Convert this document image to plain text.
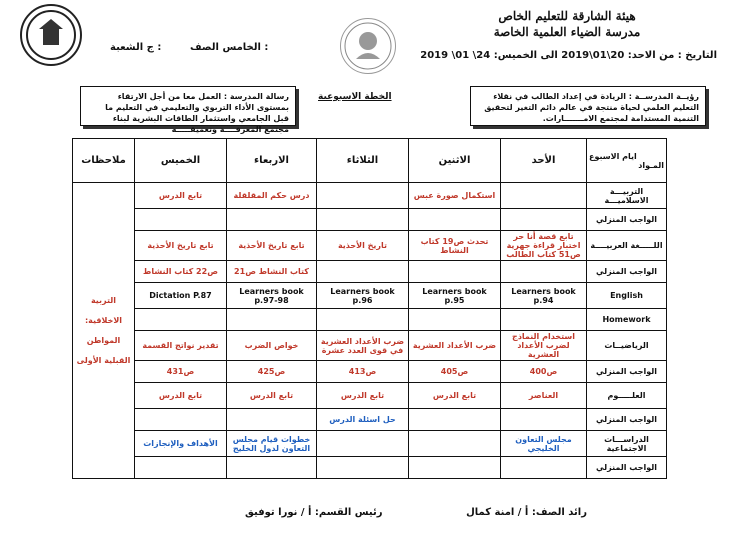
هيئة الشارقة للتعليم الخاص
مدرسة الضياء العلمية الخاصة
التاريخ : من الاحد: 20\01\2019 الى الخميس: 24\ 01\ 2019
الخامس الصف :
ج الشعبة :
رؤيــة المدرســة : الريادة في إعداد الطالب في نقلاء التعليم العلمي لحياة منتجة في عالم دائم التغير لتحقيق التنمية المستدامة لمجتمع الامـــــــارات.
رسالة المدرسة : العمل معا من أجل الارتقاء بمستوى الأداء التربوي والتعليمي في التعليم ما قبل الجامعي واستثمار الطاقات البشرية لبناء مجتمع المعرفــــة وتعميقـــــه
الخطة الاسبوعية
ايام الاسبوع
المـواد	الأحد	الاثنين	الثلاثاء	الاربعاء	الخميس	ملاحظات
التربيـــة الاسلاميـــة		استكمال صورة عبس		درس حكم المقلقلة	تابع الدرس	التربية الاخلاقية: المواطن القبلية الأولى
الواجب المنزلي						
اللـــــغة العربيــــة	تابع قصة أنا حر اختبار قراءة جهرية ص51 كتاب الطالب	تحدث ص19 كتاب النشاط	تاريخ الأحذية	تابع تاريخ الأحذية	تابع تاريخ الأحذية	
الواجب المنزلي				كتاب النشاط ص21	ص22 كتاب النشاط	
English	Learners book p.94	Learners book p.95	Learners book p.96	Learners book p.97-98	Dictation P.87	
Homework						
الرياضيــات	استخدام النماذج لضرب الأعداد العشرية	ضرب الأعداد العشرية	ضرب الأعداد العشرية في قوى العدد عشرة	خواص الضرب	تقدير نواتج القسمة	
الواجب المنزلي	ص400	ص405	ص413	ص425	ص431	
العلـــــوم	العناصر	تابع الدرس	تابع الدرس	تابع الدرس	تابع الدرس	
الواجب المنزلي			حل اسئلة الدرس			
الدراســـات الاجتماعية	مجلس التعاون الخليجي			خطوات قيام مجلس التعاون لدول الخليج	الأهداف والإنجازات	
الواجب المنزلي						
رائد الصف: أ / امنة كمال
رئيس القسم: أ / نورا توفيق
